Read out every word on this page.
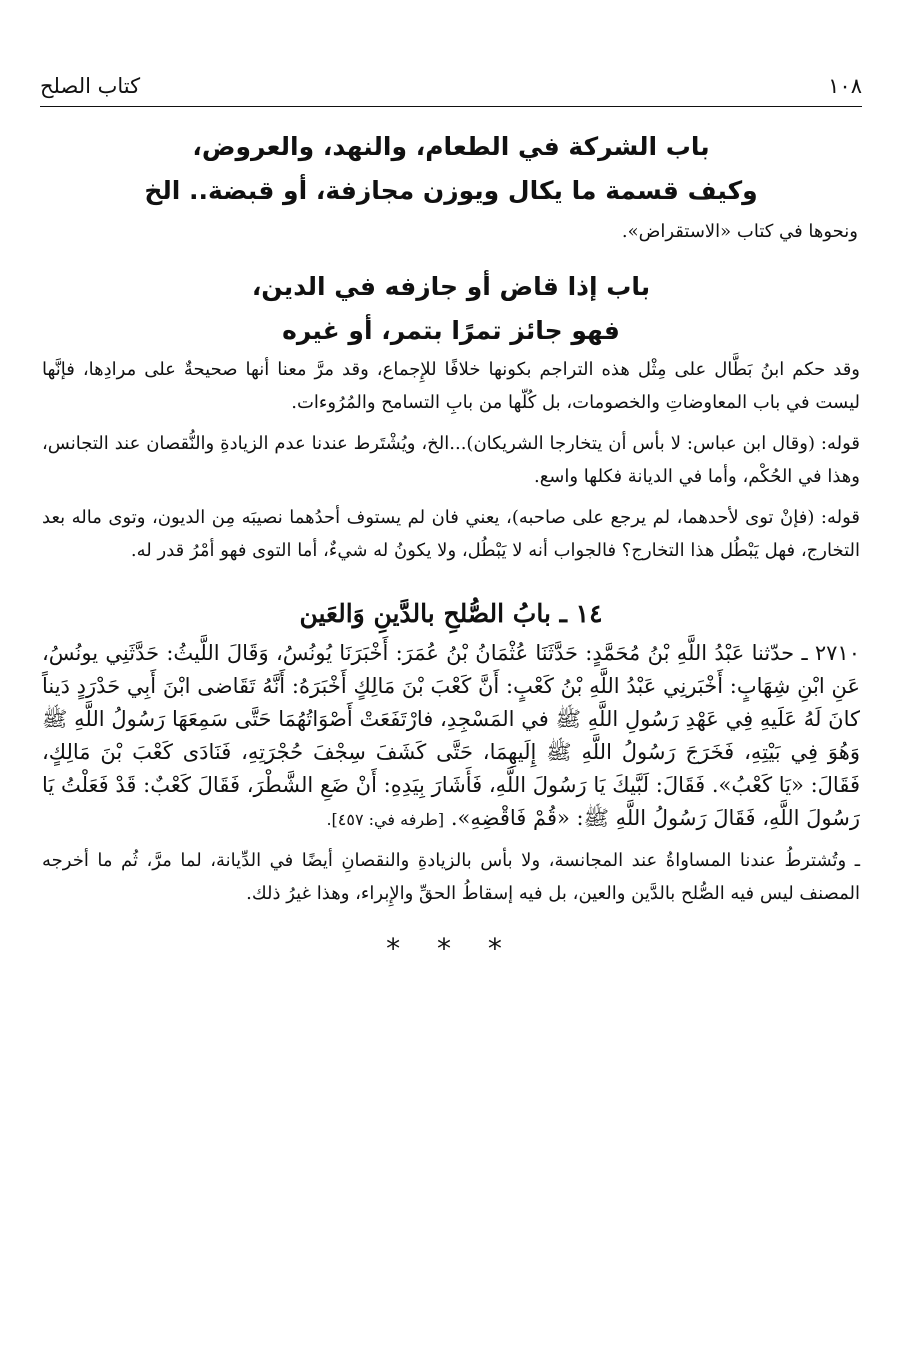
١٠٨
كتاب الصلح
باب الشركة في الطعام، والنهد، والعروض،
وكيف قسمة ما يكال ويوزن مجازفة، أو قبضة.. الخ

ونحوها في كتاب «الاستقراض».

باب إذا قاض أو جازفه في الدين،
فهو جائز تمرًا بتمر، أو غيره

وقد حكم ابنُ بَطَّال على مِثْل هذه التراجم بكونها خلافًا للإِجماع، وقد مرَّ معنا أنها صحيحةٌ على مرادِها، فإنَّها ليست في باب المعاوضاتِ والخصومات، بل كُلّها من بابِ التسامح والمُرُوءات.

قوله: (وقال ابن عباس: لا بأس أن يتخارجا الشريكان)...الخ، ويُشْتَرط عندنا عدم الزيادةِ والنُّقصان عند التجانس، وهذا في الحُكْم، وأما في الديانة فكلها واسع.

قوله: (فإنْ توى لأحدهما، لم يرجع على صاحبه)، يعني فان لم يستوف أحدُهما نصيبَه مِن الديون، وتوى ماله بعد التخارج، فهل يَبْطُل هذا التخارج؟ فالجواب أنه لا يَبْطُل، ولا يكونُ له شيءٌ، أما التوى فهو أمْرُ قدر له.

١٤ ـ بابُ الصُّلحِ بالدَّينِ وَالعَين

٢٧١٠ ـ حدّثنا عَبْدُ اللَّهِ بْنُ مُحَمَّدٍ: حَدَّثَنَا عُثْمَانُ بْنُ عُمَرَ: أَخْبَرَنَا يُونُسُ، وَقَالَ اللَّيثُ: حَدَّثَنِي يونُسُ، عَنِ ابْنِ شِهَابٍ: أَخْبَرنِي عَبْدُ اللَّهِ بْنُ كَعْبٍ: أَنَّ كَعْبَ بْنَ مَالِكٍ أَخْبَرَهُ: أَنَّهُ تَقَاضى ابْنَ أَبِي حَدْرَدٍ دَيناً كانَ لَهُ عَلَيهِ فِي عَهْدِ رَسُولِ اللَّهِ ﷺ في المَسْجِدِ، فارْتَفَعَتْ أَصْوَاتُهُمَا حَتَّى سَمِعَهَا رَسُولُ اللَّهِ ﷺ وَهُوَ فِي بَيْتِهِ، فَخَرَجَ رَسُولُ اللَّهِ ﷺ إِلَيهِمَا، حَتَّى كَشَفَ سِجْفَ حُجْرَتِهِ، فَنَادَى كَعْبَ بْنَ مَالِكٍ، فَقَالَ: «يَا كَعْبُ». فَقَالَ: لَبَّيكَ يَا رَسُولَ اللَّهِ، فَأَشَارَ بِيَدِهِ: أَنْ ضَعِ الشَّطْرَ، فَقَالَ كَعْبٌ: قَدْ فَعَلْتُ يَا رَسُولَ اللَّهِ، فَقَالَ رَسُولُ اللَّهِ ﷺ: «قُمْ فَاقْضِهِ». [طرفه في: ٤٥٧].

ـ وتُشترطُ عندنا المساواةُ عند المجانسة، ولا بأس بالزيادةِ والنقصانِ أيضًا في الدِّيانة، لما مرَّ، ثُم ما أخرجه المصنف ليس فيه الصُّلح بالدَّين والعين، بل فيه إسقاطُ الحقِّ والإِبراء، وهذا غيرُ ذلك.

* * *
